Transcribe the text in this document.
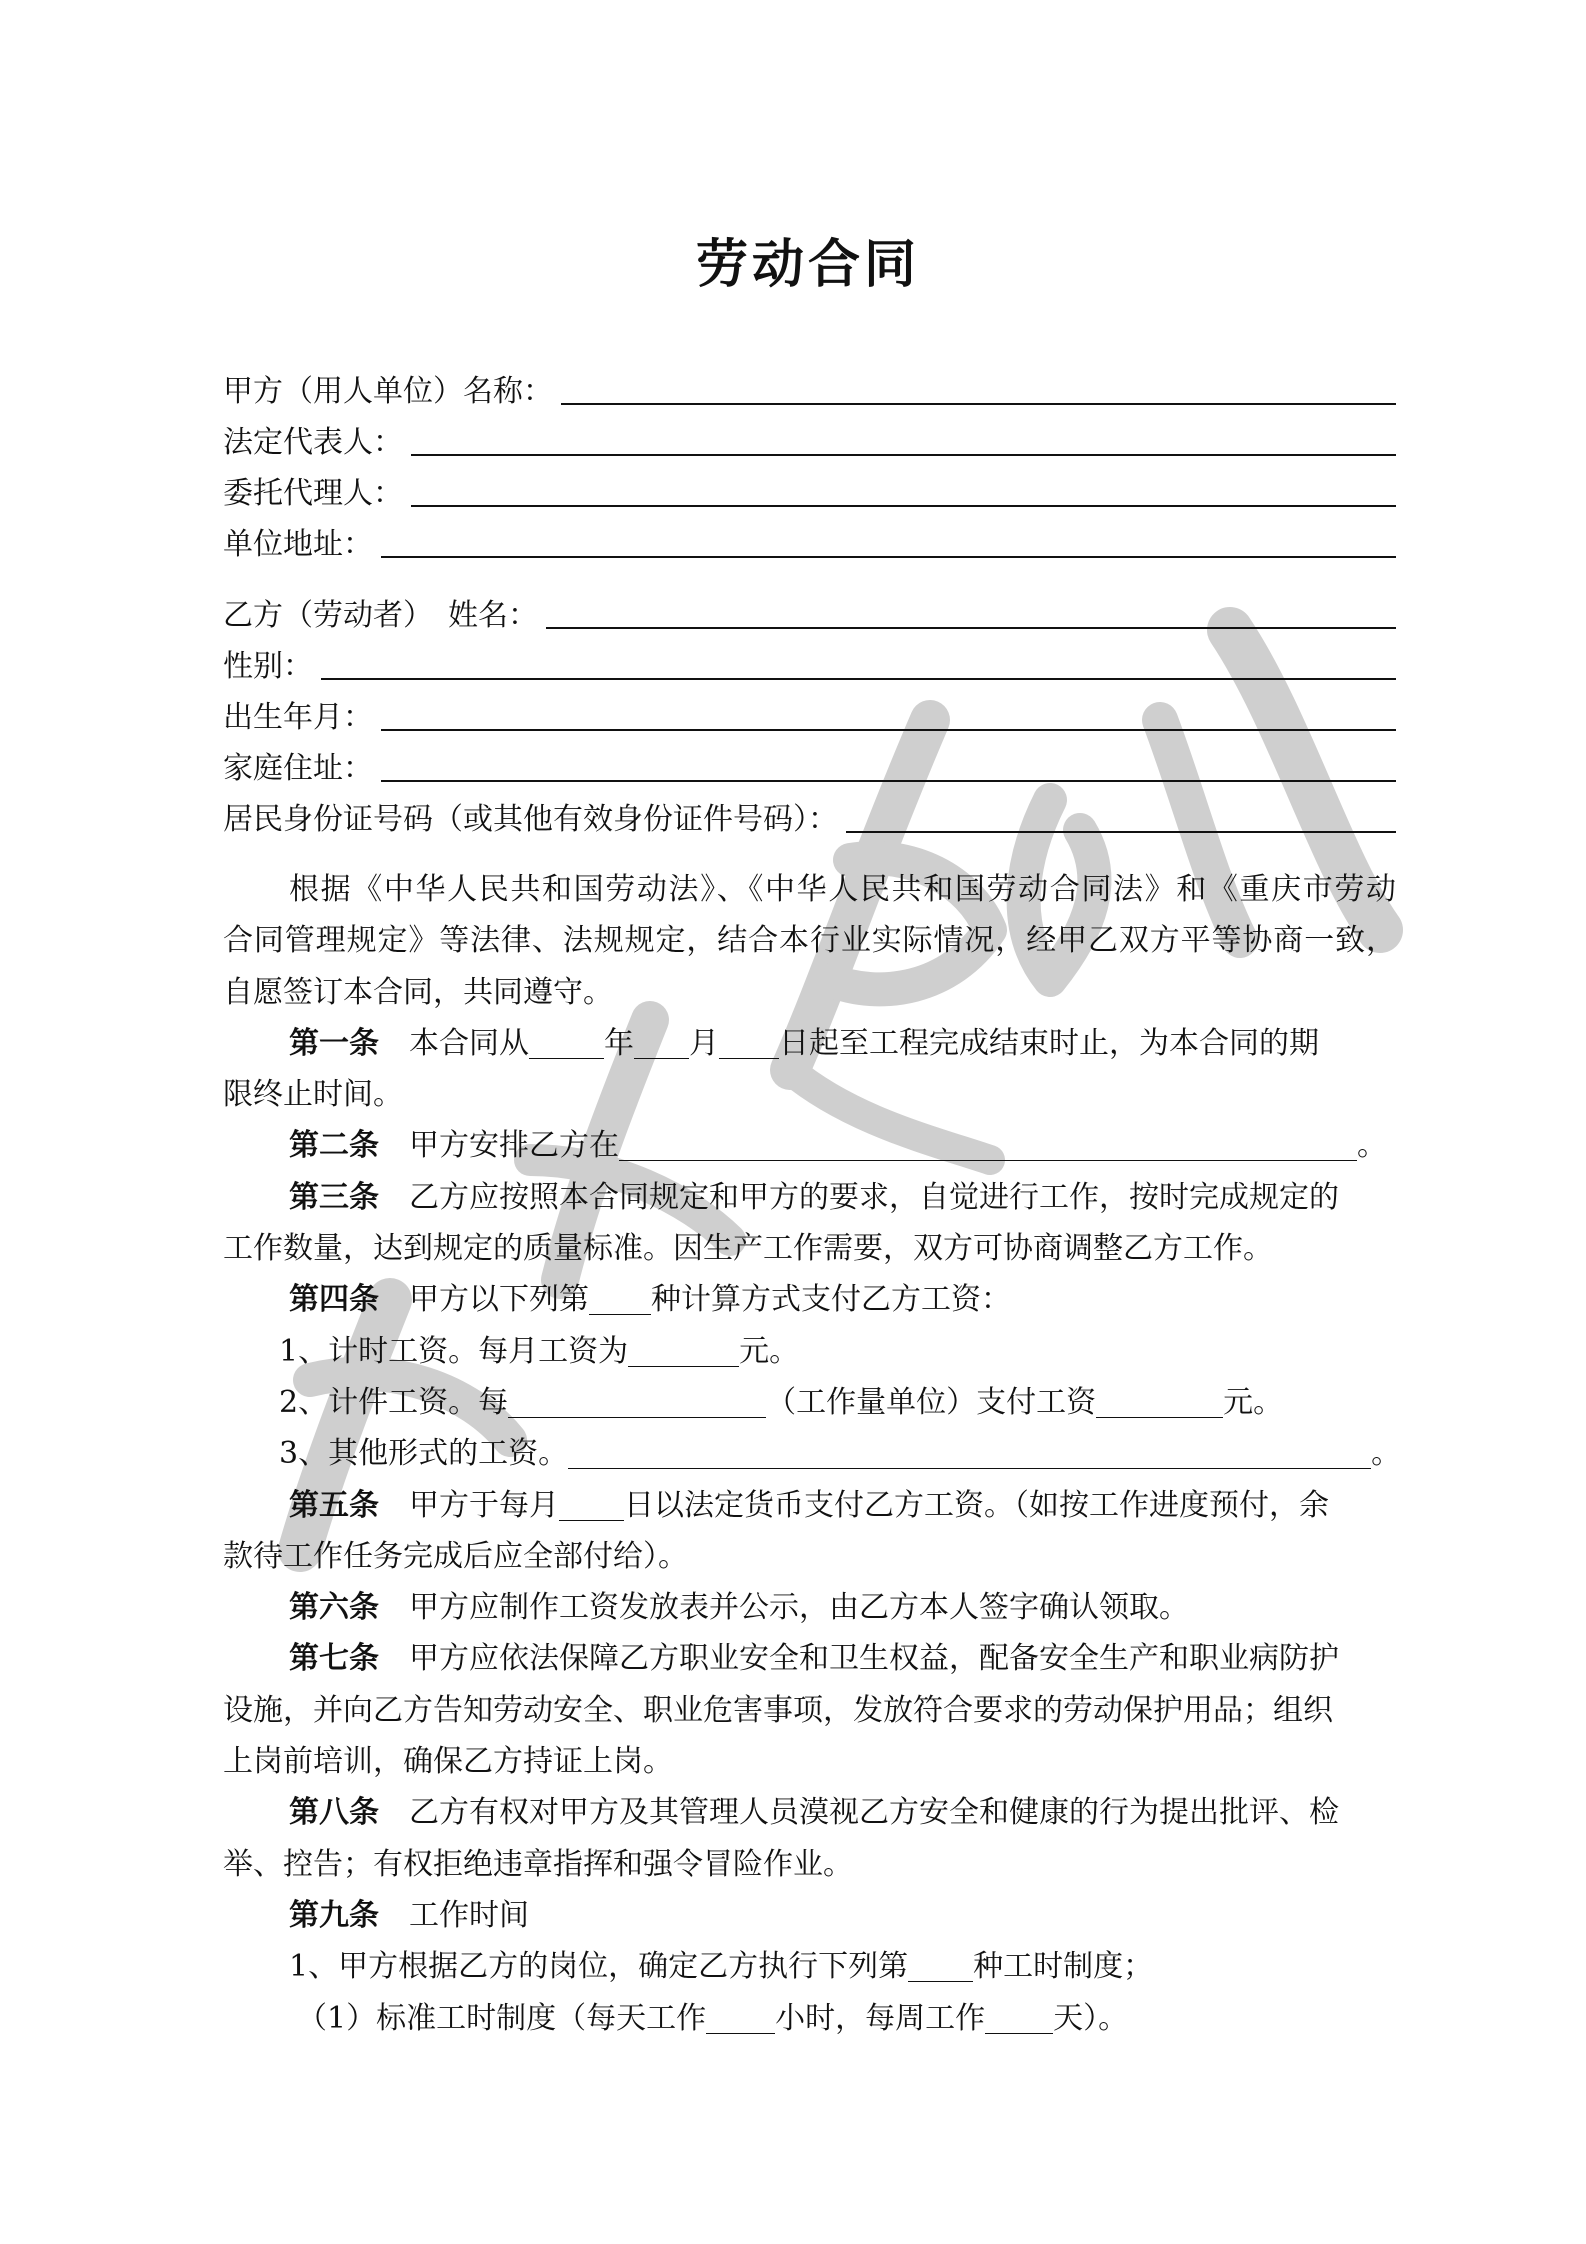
劳动合同
甲方（用人单位）名称：
法定代表人：
委托代理人：
单位地址：
乙方（劳动者）　姓名：
性别：
出生年月：
家庭住址：
居民身份证号码（或其他有效身份证件号码）：
根据《中华人民共和国劳动法》、《中华人民共和国劳动合同法》和《重庆市劳动
合同管理规定》等法律、法规规定，结合本行业实际情况，经甲乙双方平等协商一致，
自愿签订本合同，共同遵守。
第一条 本合同从	年 月 日起至工程完成结束时止，为本合同的期
限终止时间。
第二条 甲方安排乙方在	。
第三条 乙方应按照本合同规定和甲方的要求，自觉进行工作，按时完成规定的
工作数量，达到规定的质量标准。因生产工作需要，双方可协商调整乙方工作。
第四条 甲方以下列第 种计算方式支付乙方工资：
1、计时工资。每月工资为	元。
2、计件工资。每	（工作量单位）支付工资	元。
3、其他形式的工资。	。
第五条 甲方于每月 日以法定货币支付乙方工资。（如按工作进度预付，余
款待工作任务完成后应全部付给）。
第六条 甲方应制作工资发放表并公示，由乙方本人签字确认领取。
第七条 甲方应依法保障乙方职业安全和卫生权益，配备安全生产和职业病防护
设施，并向乙方告知劳动安全、职业危害事项，发放符合要求的劳动保护用品；组织
上岗前培训，确保乙方持证上岗。
第八条 乙方有权对甲方及其管理人员漠视乙方安全和健康的行为提出批评、检
举、控告；有权拒绝违章指挥和强令冒险作业。
第九条 工作时间
1、甲方根据乙方的岗位，确定乙方执行下列第 种工时制度；
（1）标准工时制度（每天工作 小时，每周工作 天）。
